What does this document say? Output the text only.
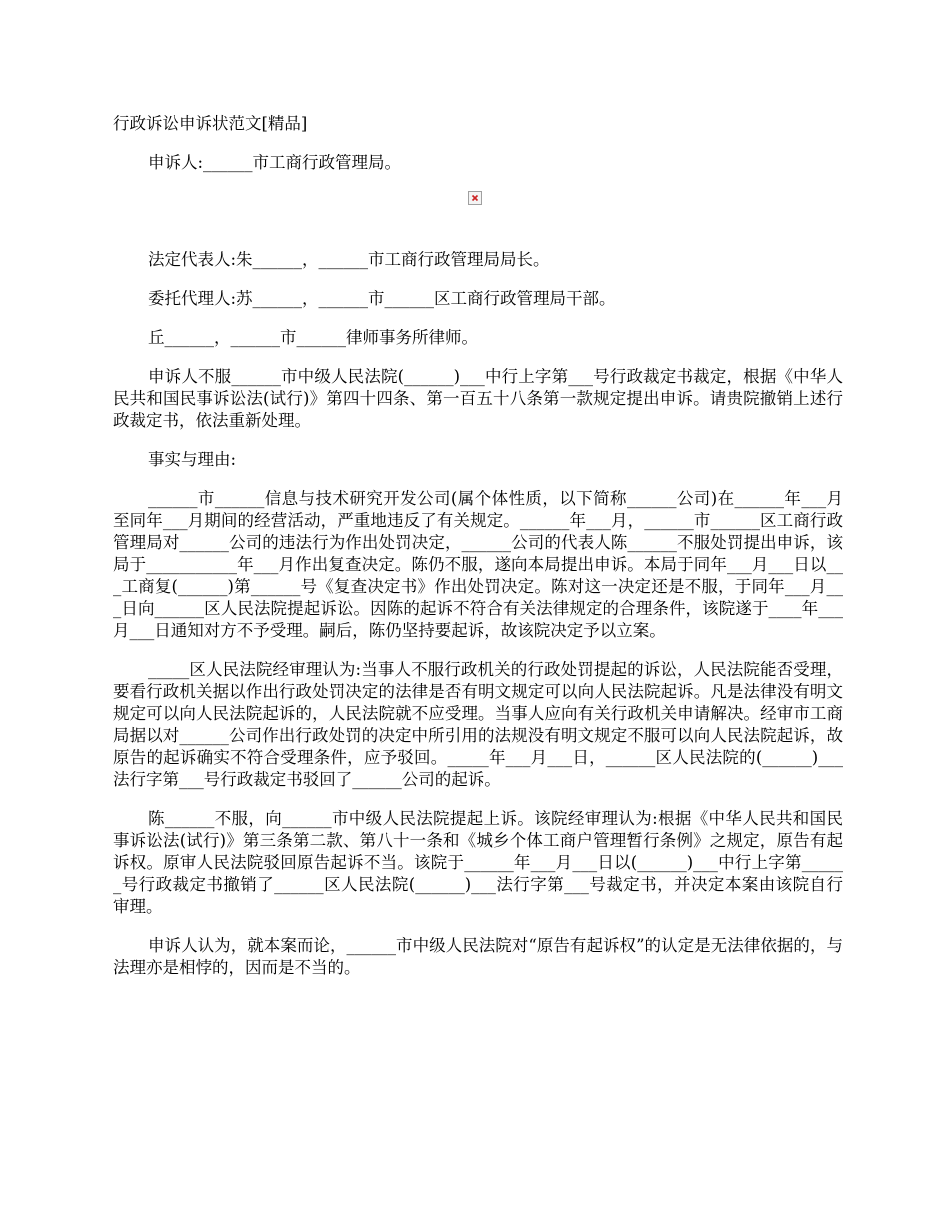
行政诉讼申诉状范文[精品]
申诉人:______市工商行政管理局。
法定代表人:朱______，______市工商行政管理局局长。
委托代理人:苏______，______市______区工商行政管理局干部。
丘______，______市______律师事务所律师。
申诉人不服______市中级人民法院(______)___中行上字第___号行政裁定书裁定，根据《中华人民共和国民事诉讼法(试行)》第四十四条、第一百五十八条第一款规定提出申诉。请贵院撤销上述行政裁定书，依法重新处理。
事实与理由:
______市______信息与技术研究开发公司(属个体性质，以下简称______公司)在______年___月至同年___月期间的经营活动，严重地违反了有关规定。______年___月，______市______区工商行政管理局对______公司的违法行为作出处罚决定，______公司的代表人陈______不服处罚提出申诉，该局于___________年___月作出复查决定。陈仍不服，遂向本局提出申诉。本局于同年___月___日以___工商复(______)第______号《复查决定书》作出处罚决定。陈对这一决定还是不服，于同年___月___日向______区人民法院提起诉讼。因陈的起诉不符合有关法律规定的合理条件，该院遂于____年___月___日通知对方不予受理。嗣后，陈仍坚持要起诉，故该院决定予以立案。
_____区人民法院经审理认为:当事人不服行政机关的行政处罚提起的诉讼，人民法院能否受理，要看行政机关据以作出行政处罚决定的法律是否有明文规定可以向人民法院起诉。凡是法律没有明文规定可以向人民法院起诉的，人民法院就不应受理。当事人应向有关行政机关申请解决。经审市工商局据以对______公司作出行政处罚的决定中所引用的法规没有明文规定不服可以向人民法院起诉，故原告的起诉确实不符合受理条件，应予驳回。_____年___月___日，______区人民法院的(______)___法行字第___号行政裁定书驳回了______公司的起诉。
陈______不服，向______市中级人民法院提起上诉。该院经审理认为:根据《中华人民共和国民事诉讼法(试行)》第三条第二款、第八十一条和《城乡个体工商户管理暂行条例》之规定，原告有起诉权。原审人民法院驳回原告起诉不当。该院于______年___月___日以(______)___中行上字第______号行政裁定书撤销了______区人民法院(______)___法行字第___号裁定书，并决定本案由该院自行审理。
申诉人认为，就本案而论，______市中级人民法院对“原告有起诉权”的认定是无法律依据的，与法理亦是相悖的，因而是不当的。
